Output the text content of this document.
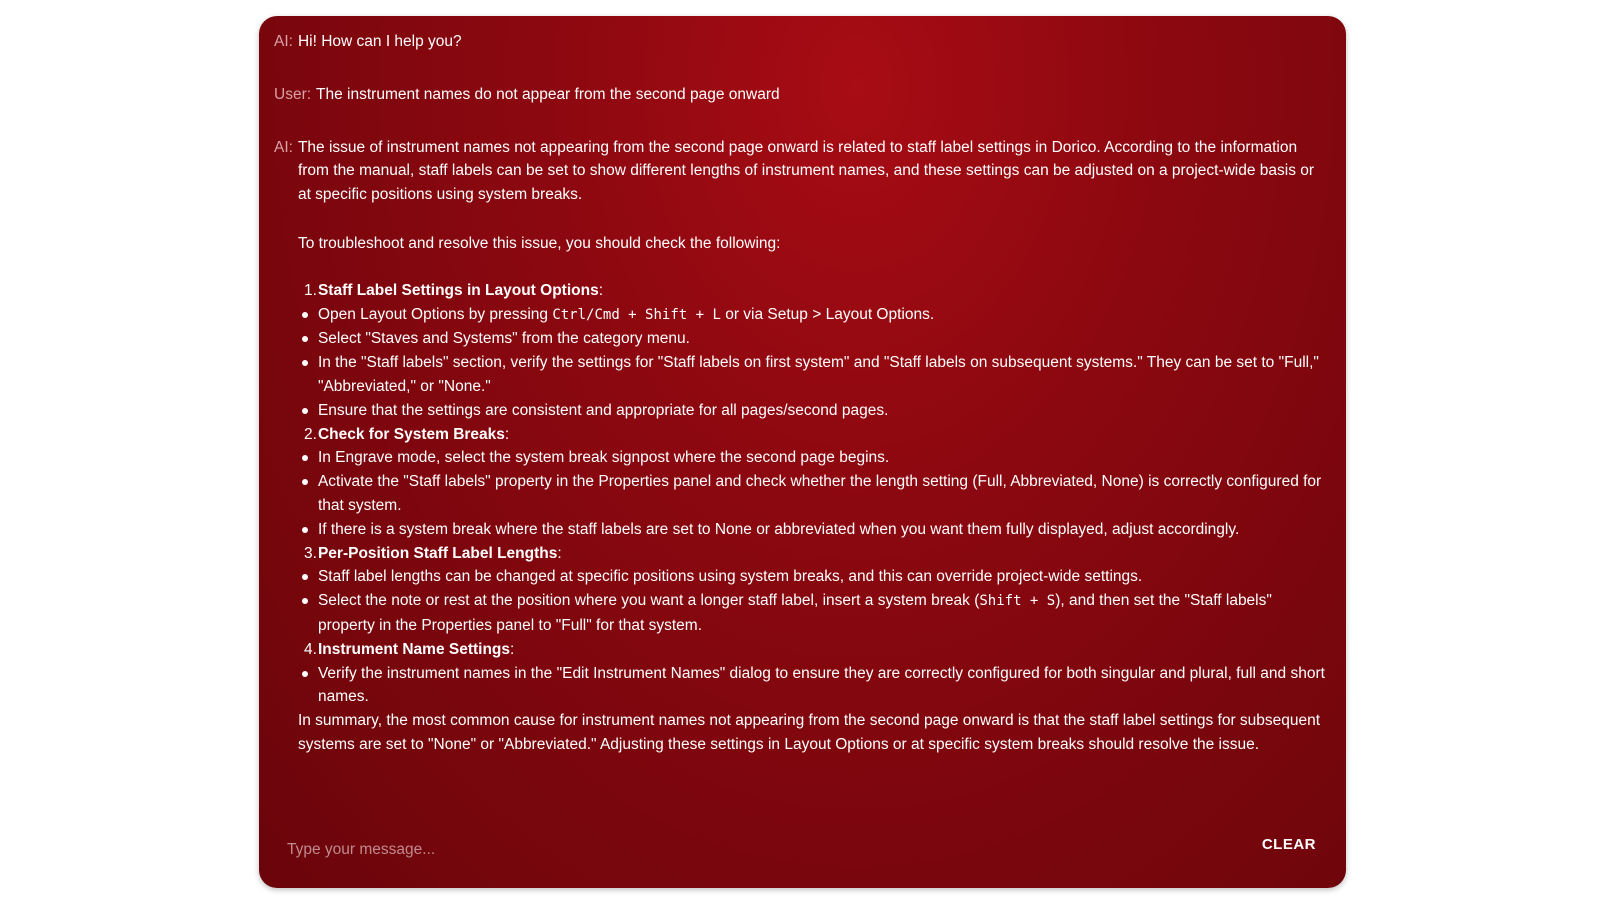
AI: Hi! How can I help you?
User: The instrument names do not appear from the second page onward
AI: The issue of instrument names not appearing from the second page onward is related to staff label settings in Dorico. According to the information from the manual, staff labels can be set to show different lengths of instrument names, and these settings can be adjusted on a project-wide basis or at specific positions using system breaks.

To troubleshoot and resolve this issue, you should check the following:

1. Staff Label Settings in Layout Options:
Open Layout Options by pressing Ctrl/Cmd + Shift + L or via Setup > Layout Options.
Select "Staves and Systems" from the category menu.
In the "Staff labels" section, verify the settings for "Staff labels on first system" and "Staff labels on subsequent systems." They can be set to "Full," "Abbreviated," or "None."
Ensure that the settings are consistent and appropriate for all pages/second pages.
2. Check for System Breaks:
In Engrave mode, select the system break signpost where the second page begins.
Activate the "Staff labels" property in the Properties panel and check whether the length setting (Full, Abbreviated, None) is correctly configured for that system.
If there is a system break where the staff labels are set to None or abbreviated when you want them fully displayed, adjust accordingly.
3. Per-Position Staff Label Lengths:
Staff label lengths can be changed at specific positions using system breaks, and this can override project-wide settings.
Select the note or rest at the position where you want a longer staff label, insert a system break (Shift + S), and then set the "Staff labels" property in the Properties panel to "Full" for that system.
4. Instrument Name Settings:
Verify the instrument names in the "Edit Instrument Names" dialog to ensure they are correctly configured for both singular and plural, full and short names.

In summary, the most common cause for instrument names not appearing from the second page onward is that the staff label settings for subsequent systems are set to "None" or "Abbreviated." Adjusting these settings in Layout Options or at specific system breaks should resolve the issue.

Type your message...
CLEAR
